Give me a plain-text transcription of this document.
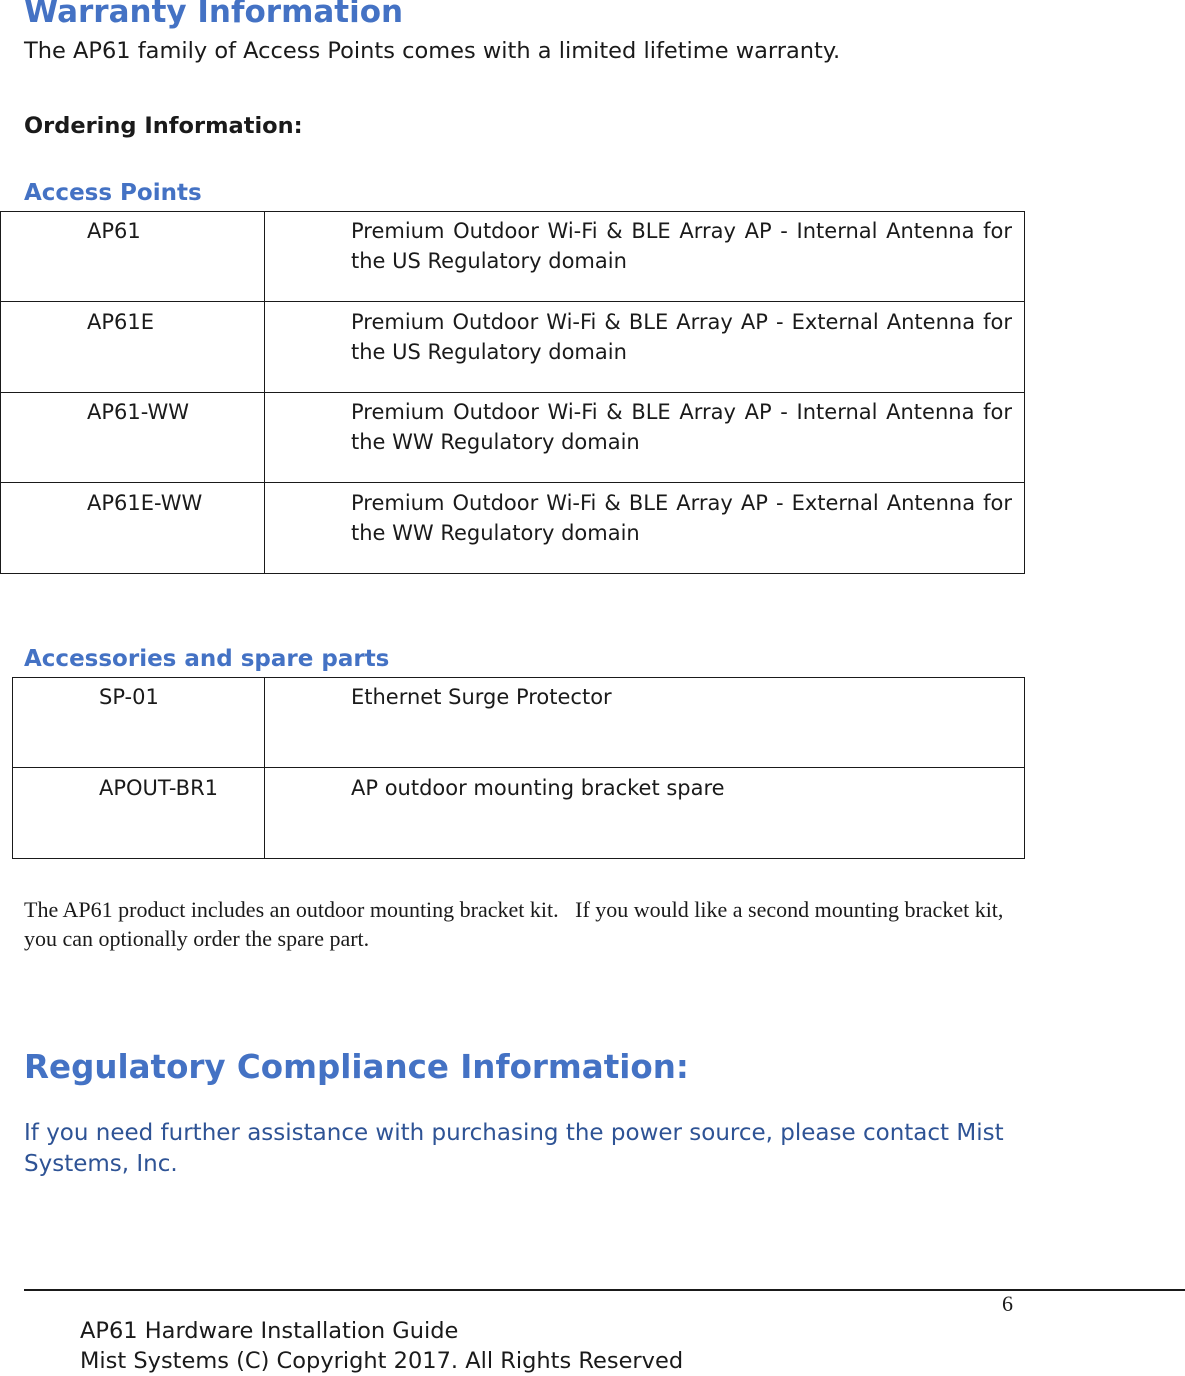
Warranty Information
The AP61 family of Access Points comes with a limited lifetime warranty.
Ordering Information:
Access Points
AP61	Premium Outdoor Wi-Fi & BLE Array AP - Internal Antenna for the US Regulatory domain

AP61E	Premium Outdoor Wi-Fi & BLE Array AP - External Antenna for the US Regulatory domain

AP61-WW	Premium Outdoor Wi-Fi & BLE Array AP - Internal Antenna for the WW Regulatory domain

AP61E-WW	Premium Outdoor Wi-Fi & BLE Array AP - External Antenna for the WW Regulatory domain
Accessories and spare parts
SP-01	Ethernet Surge Protector

APOUT-BR1	AP outdoor mounting bracket spare
The AP61 product includes an outdoor mounting bracket kit.   If you would like a second mounting bracket kit, you can optionally order the spare part.
Regulatory Compliance Information:
If you need further assistance with purchasing the power source, please contact Mist Systems, Inc.
6
AP61 Hardware Installation Guide
Mist Systems (C) Copyright 2017. All Rights Reserved
